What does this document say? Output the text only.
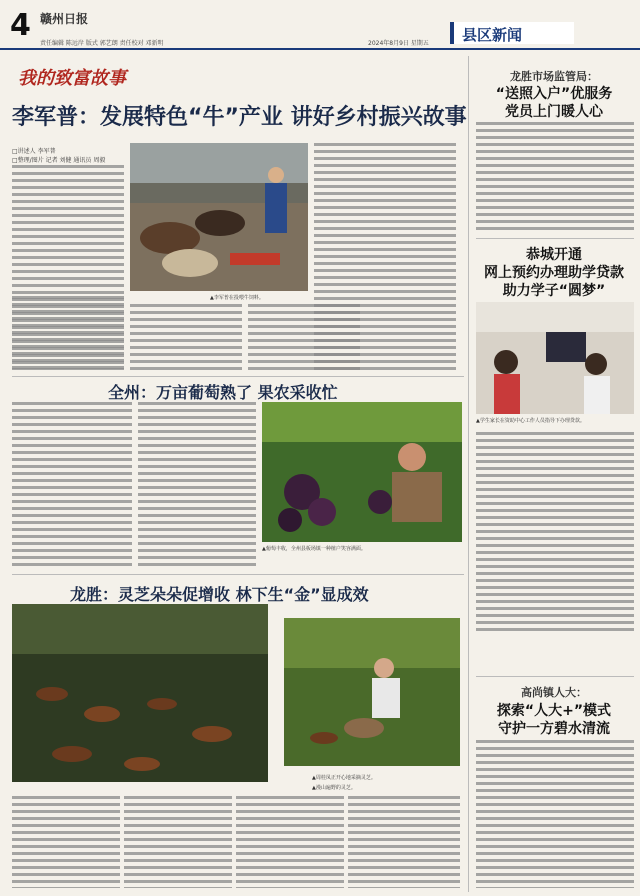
4 赣州日报
责任编辑 陈远岸 版式 郭艺朗 责任校对 邓新明	2024年8月9日 星期五 县区新闻
我的致富故事
李军普：发展特色“牛”产业 讲好乡村振兴故事
□讲述人 李军普
□整理/图片 记者 刘健 通讯员 周毅
▲李军普在投喂牛饲料。
全州：万亩葡萄熟了 果农采收忙
▲葡萄丰收，全州县板场镇一种植户笑容满面。
龙胜：灵芝朵朵促增收 林下生“金”显成效
▲周桂凤正开心地采摘灵芝。
▲漫山遍野的灵芝。
龙胜市场监管局：
“送照入户”优服务
党员上门暖人心
恭城开通
网上预约办理助学贷款
助力学子“圆梦”
▲学生家长在资助中心工作人员指导下办理贷款。
高尚镇人大：
探索“人大+”模式
守护一方碧水清流
